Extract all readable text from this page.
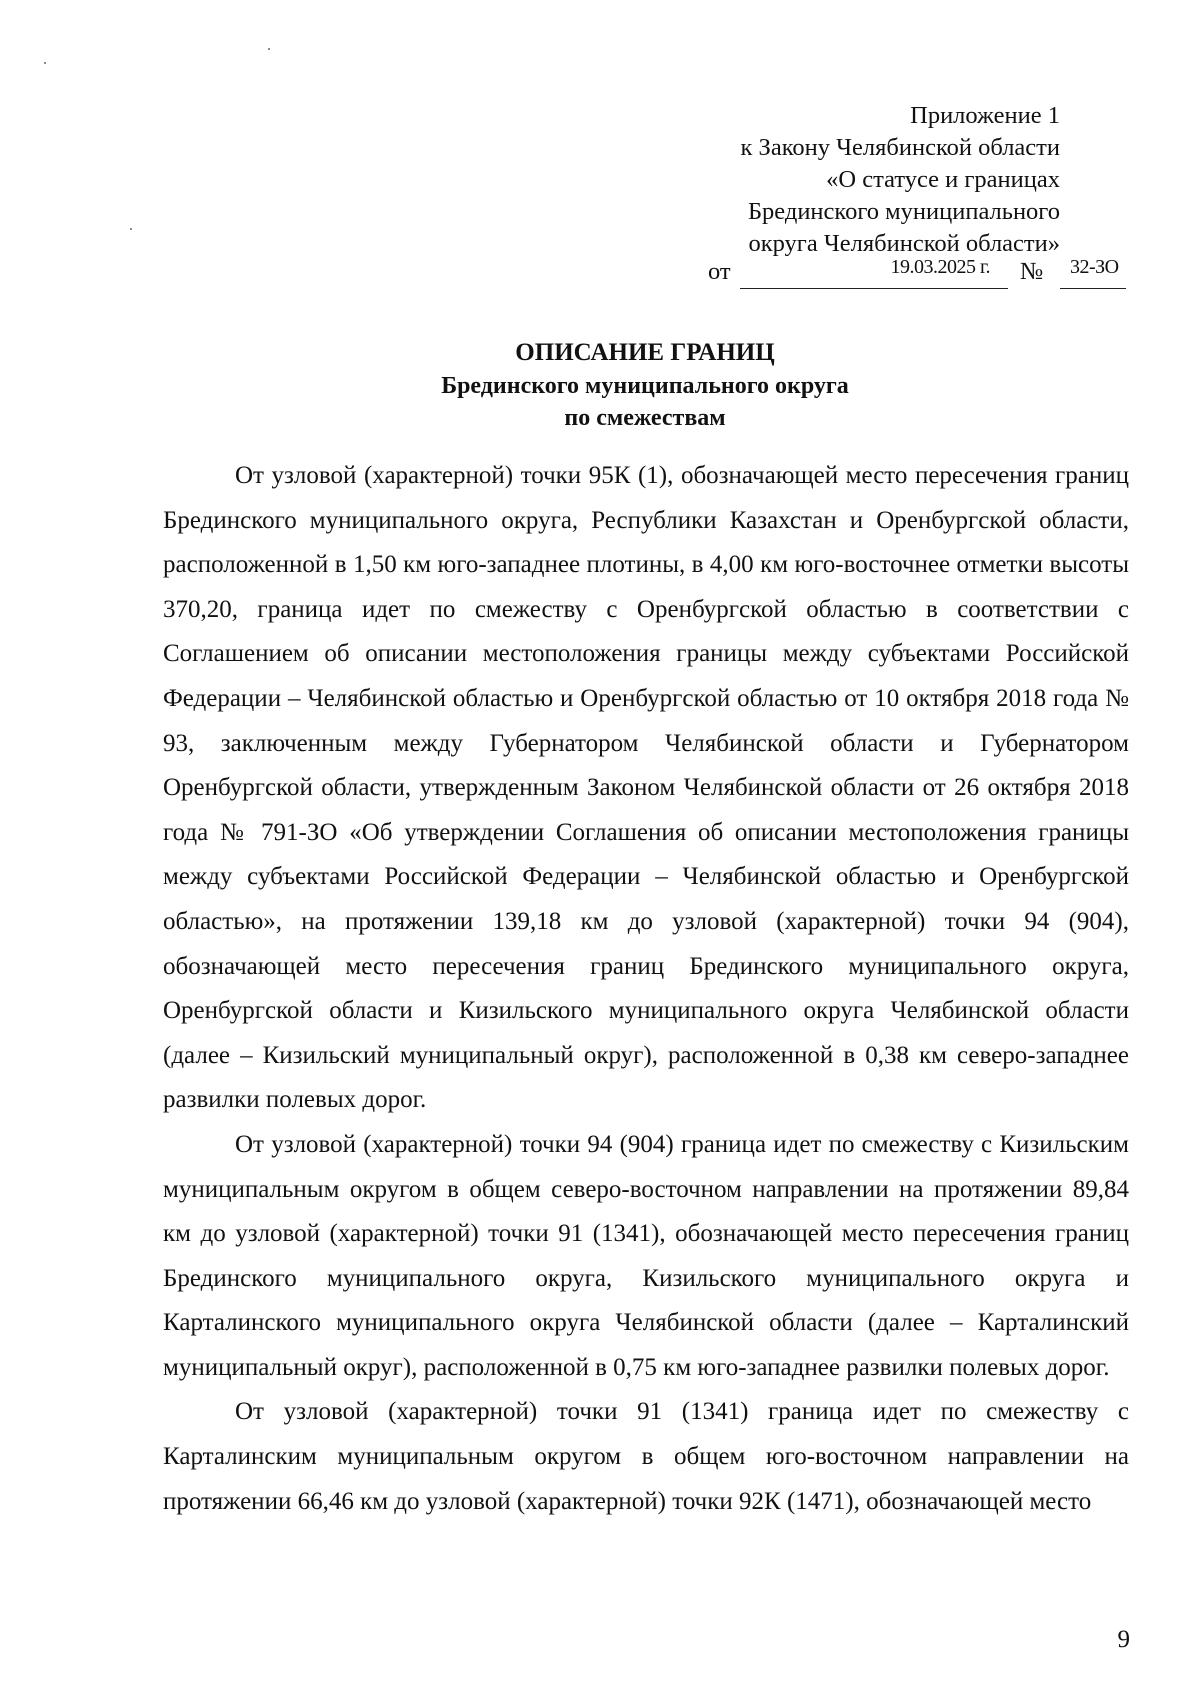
Приложение 1
к Закону Челябинской области
«О статусе и границах
Брединского муниципального
округа Челябинской области»
от	19.03.2025 г. № 32-ЗО
ОПИСАНИЕ ГРАНИЦ
Брединского муниципального округа
по смежествам

От узловой (характерной) точки 95К (1), обозначающей место пересечения границ Брединского муниципального округа, Республики Казахстан и Оренбургской области, расположенной в 1,50 км юго-западнее плотины, в 4,00 км юго-восточнее отметки высоты 370,20, граница идет по смежеству с Оренбургской областью в соответствии с Соглашением об описании местоположения границы между субъектами Российской Федерации – Челябинской областью и Оренбургской областью от 10 октября 2018 года № 93, заключенным между Губернатором Челябинской области и Губернатором Оренбургской области, утвержденным Законом Челябинской области от 26 октября 2018 года № 791-ЗО «Об утверждении Соглашения об описании местоположения границы между субъектами Российской Федерации – Челябинской областью и Оренбургской областью», на протяжении 139,18 км до узловой (характерной) точки 94 (904), обозначающей место пересечения границ Брединского муниципального округа, Оренбургской области и Кизильского муниципального округа Челябинской области (далее – Кизильский муниципальный округ), расположенной в 0,38 км северо-западнее развилки полевых дорог.

От узловой (характерной) точки 94 (904) граница идет по смежеству с Кизильским муниципальным округом в общем северо-восточном направлении на протяжении 89,84 км до узловой (характерной) точки 91 (1341), обозначающей место пересечения границ Брединского муниципального округа, Кизильского муниципального округа и Карталинского муниципального округа Челябинской области (далее – Карталинский муниципальный округ), расположенной в 0,75 км юго-западнее развилки полевых дорог.

От узловой (характерной) точки 91 (1341) граница идет по смежеству с Карталинским муниципальным округом в общем юго-восточном направлении на протяжении 66,46 км до узловой (характерной) точки 92К (1471), обозначающей место

9
